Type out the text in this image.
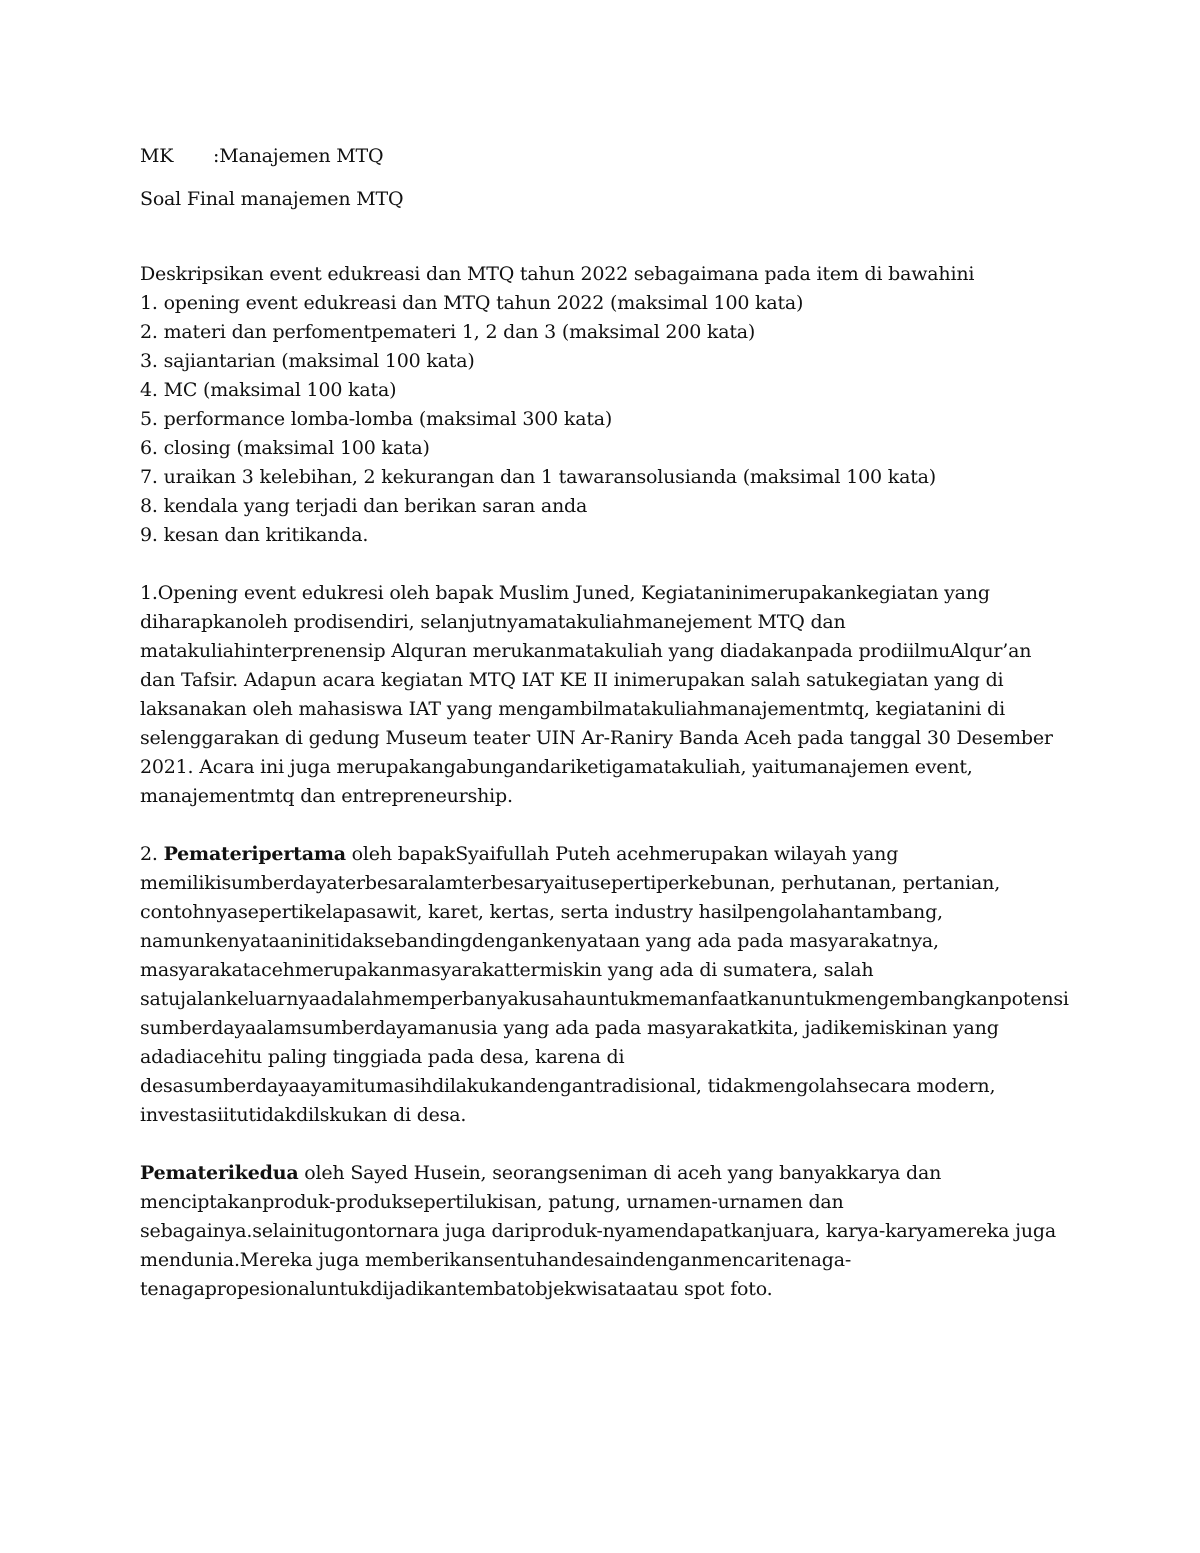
MK :Manajemen MTQ
Soal Final manajemen MTQ
Deskripsikan event edukreasi dan MTQ tahun 2022 sebagaimana pada item di bawahini
1. opening event edukreasi dan MTQ tahun 2022 (maksimal 100 kata)
2. materi dan perfomentpemateri 1, 2 dan 3 (maksimal 200 kata)
3. sajiantarian (maksimal 100 kata)
4. MC (maksimal 100 kata)
5. performance lomba-lomba (maksimal 300 kata)
6. closing (maksimal 100 kata)
7. uraikan 3 kelebihan, 2 kekurangan dan 1 tawaransolusianda (maksimal 100 kata)
8. kendala yang terjadi dan berikan saran anda
9. kesan dan kritikanda.
1.Opening event edukresi oleh bapak Muslim Juned, Kegiataninimerupakankegiatan yang
diharapkanoleh prodisendiri, selanjutnyamatakuliahmanejement MTQ dan
matakuliahinterprenensip Alquran merukanmatakuliah yang diadakanpada prodiilmuAlqur’an
dan Tafsir. Adapun acara kegiatan MTQ IAT KE II inimerupakan salah satukegiatan yang di
laksanakan oleh mahasiswa IAT yang mengambilmatakuliahmanajementmtq, kegiatanini di
selenggarakan di gedung Museum teater UIN Ar-Raniry Banda Aceh pada tanggal 30 Desember
2021. Acara ini juga merupakangabungandariketigamatakuliah, yaitumanajemen event,
manajementmtq dan entrepreneurship.
2. Pemateripertama oleh bapakSyaifullah Puteh acehmerupakan wilayah yang
memilikisumberdayaterbesaralamterbesaryaitusepertiperkebunan, perhutanan, pertanian,
contohnyasepertikelapasawit, karet, kertas, serta industry hasilpengolahantambang,
namunkenyataaninitidaksebandingdengankenyataan yang ada pada masyarakatnya,
masyarakatacehmerupakanmasyarakattermiskin yang ada di sumatera, salah
satujalankeluarnyaadalahmemperbanyakusahauntukmemanfaatkanuntukmengembangkanpotensi
sumberdayaalamsumberdayamanusia yang ada pada masyarakatkita, jadikemiskinan yang
adadiacehitu paling tinggiada pada desa, karena di
desasumberdayaayamitumasihdilakukandengantradisional, tidakmengolahsecara modern,
investasiitutidakdilskukan di desa.
Pematerikedua oleh Sayed Husein, seorangseniman di aceh yang banyakkarya dan
menciptakanproduk-produksepertilukisan, patung, urnamen-urnamen dan
sebagainya.selainitugontornara juga dariproduk-nyamendapatkanjuara, karya-karyamereka juga
mendunia.Mereka juga memberikansentuhandesaindenganmencaritenaga-
tenagapropesionaluntukdijadikantembatobjekwisataatau spot foto.
